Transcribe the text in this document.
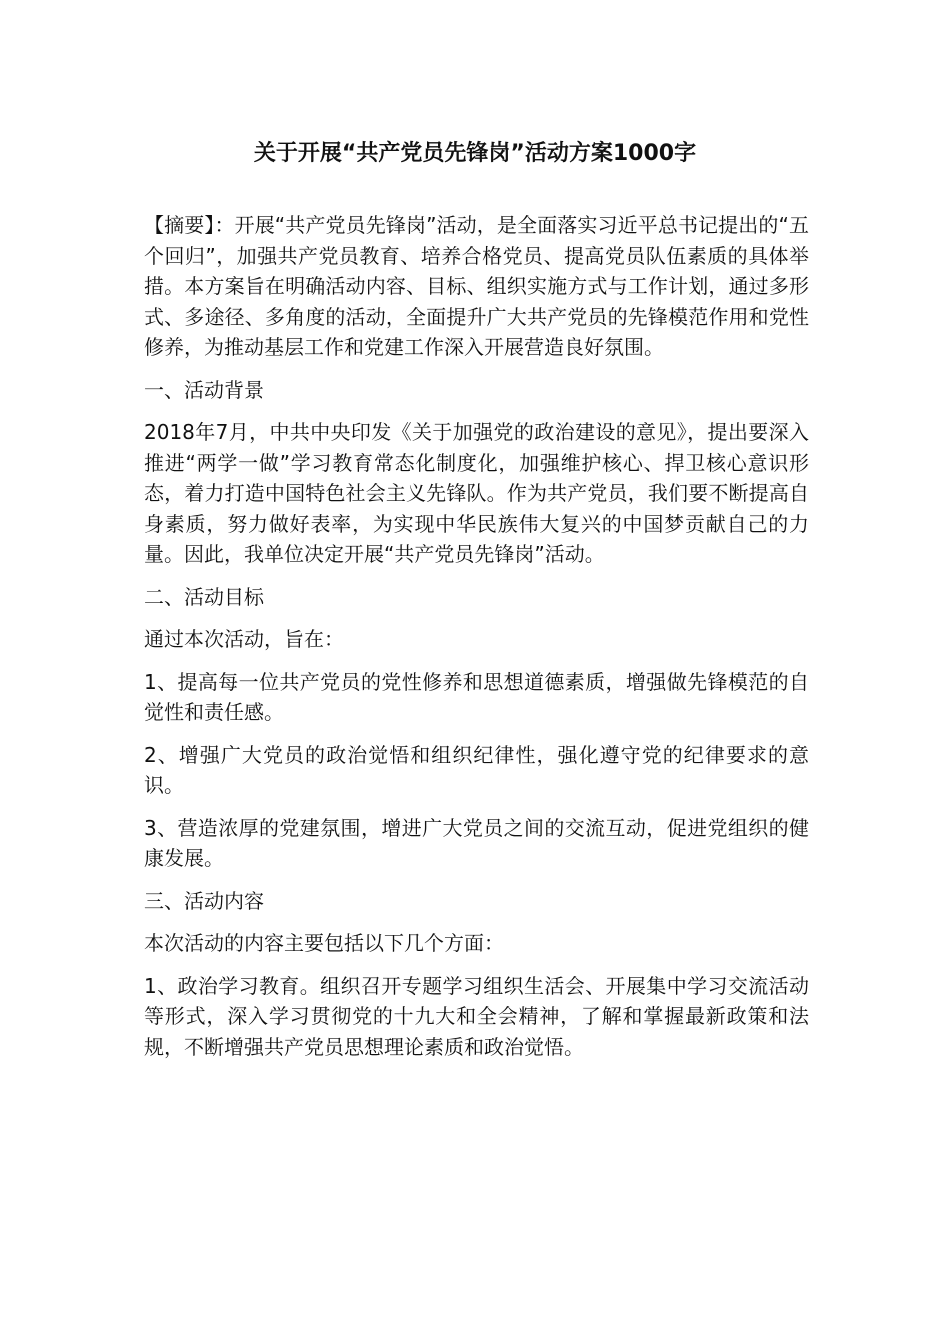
关于开展“共产党员先锋岗”活动方案1000字

【摘要】：开展“共产党员先锋岗”活动，是全面落实习近平总书记提出的“五个回归”，加强共产党员教育、培养合格党员、提高党员队伍素质的具体举措。本方案旨在明确活动内容、目标、组织实施方式与工作计划，通过多形式、多途径、多角度的活动，全面提升广大共产党员的先锋模范作用和党性修养，为推动基层工作和党建工作深入开展营造良好氛围。

一、活动背景

2018年7月，中共中央印发《关于加强党的政治建设的意见》，提出要深入推进“两学一做”学习教育常态化制度化，加强维护核心、捍卫核心意识形态，着力打造中国特色社会主义先锋队。作为共产党员，我们要不断提高自身素质，努力做好表率，为实现中华民族伟大复兴的中国梦贡献自己的力量。因此，我单位决定开展“共产党员先锋岗”活动。

二、活动目标

通过本次活动，旨在：

1、提高每一位共产党员的党性修养和思想道德素质，增强做先锋模范的自觉性和责任感。

2、增强广大党员的政治觉悟和组织纪律性，强化遵守党的纪律要求的意识。

3、营造浓厚的党建氛围，增进广大党员之间的交流互动，促进党组织的健康发展。

三、活动内容

本次活动的内容主要包括以下几个方面：

1、政治学习教育。组织召开专题学习组织生活会、开展集中学习交流活动等形式，深入学习贯彻党的十九大和全会精神，了解和掌握最新政策和法规，不断增强共产党员思想理论素质和政治觉悟。
